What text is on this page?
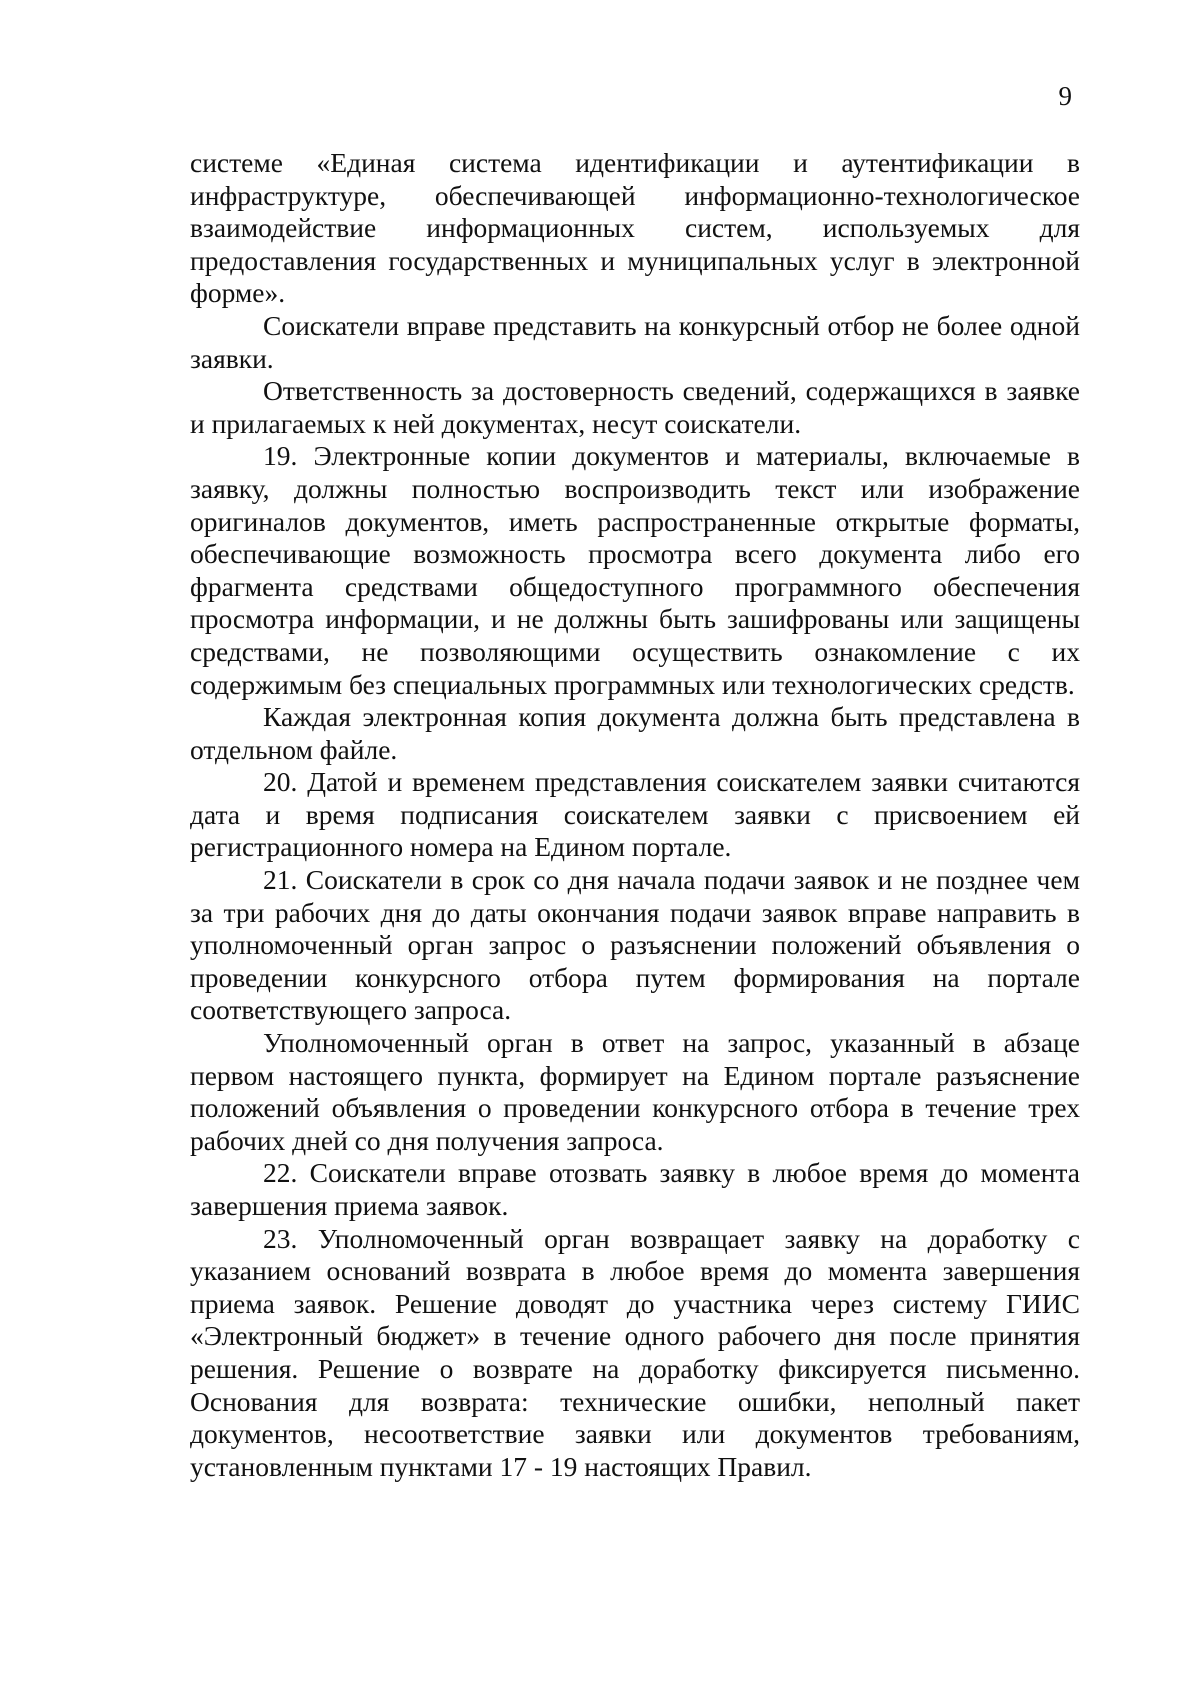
9

системе «Единая система идентификации и аутентификации в инфраструктуре, обеспечивающей информационно-технологическое взаимодействие информационных систем, используемых для предоставления государственных и муниципальных услуг в электронной форме».

Соискатели вправе представить на конкурсный отбор не более одной заявки.

Ответственность за достоверность сведений, содержащихся в заявке и прилагаемых к ней документах, несут соискатели.

19. Электронные копии документов и материалы, включаемые в заявку, должны полностью воспроизводить текст или изображение оригиналов документов, иметь распространенные открытые форматы, обеспечивающие возможность просмотра всего документа либо его фрагмента средствами общедоступного программного обеспечения просмотра информации, и не должны быть зашифрованы или защищены средствами, не позволяющими осуществить ознакомление с их содержимым без специальных программных или технологических средств.

Каждая электронная копия документа должна быть представлена в отдельном файле.

20. Датой и временем представления соискателем заявки считаются дата и время подписания соискателем заявки с присвоением ей регистрационного номера на Едином портале.

21. Соискатели в срок со дня начала подачи заявок и не позднее чем за три рабочих дня до даты окончания подачи заявок вправе направить в уполномоченный орган запрос о разъяснении положений объявления о проведении конкурсного отбора путем формирования на портале соответствующего запроса.

Уполномоченный орган в ответ на запрос, указанный в абзаце первом настоящего пункта, формирует на Едином портале разъяснение положений объявления о проведении конкурсного отбора в течение трех рабочих дней со дня получения запроса.

22. Соискатели вправе отозвать заявку в любое время до момента завершения приема заявок.

23. Уполномоченный орган возвращает заявку на доработку с указанием оснований возврата в любое время до момента завершения приема заявок. Решение доводят до участника через систему ГИИС «Электронный бюджет» в течение одного рабочего дня после принятия решения. Решение о возврате на доработку фиксируется письменно. Основания для возврата: технические ошибки, неполный пакет документов, несоответствие заявки или документов требованиям, установленным пунктами 17 - 19 настоящих Правил.
